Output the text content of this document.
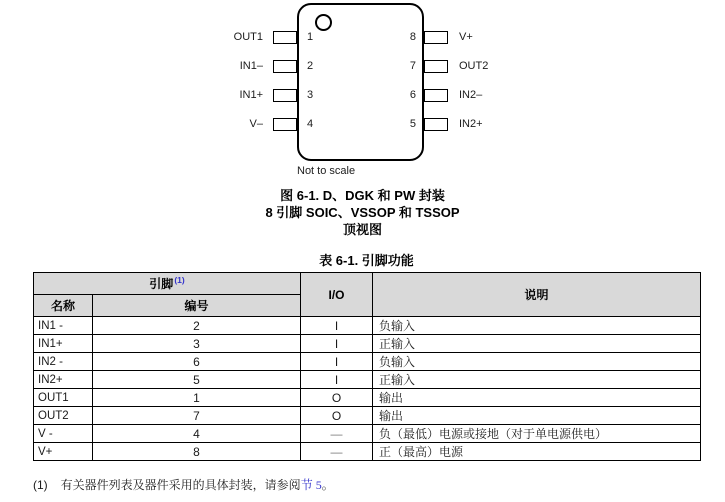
OUT1
IN1–
IN1+
V–
1
2
3
4
8
7
6
5
V+
OUT2
IN2–
IN2+
Not to scale
图 6-1. D、DGK 和 PW 封装
8 引脚 SOIC、VSSOP 和 TSSOP
顶视图
表 6-1. 引脚功能
引脚$^{(1)}$		I/O	说明
名称	编号		
IN1 -	2	I	负输入
IN1+	3	I	正输入
IN2 -	6	I	负输入
IN2+	5	I	正输入
OUT1	1	O	输出
OUT2	7	O	输出
V -	4	—	负（最低）电源或接地（对于单电源供电）
V+	8	—	正（最高）电源
(1) 有关器件列表及器件采用的具体封装，请参阅节 5。
